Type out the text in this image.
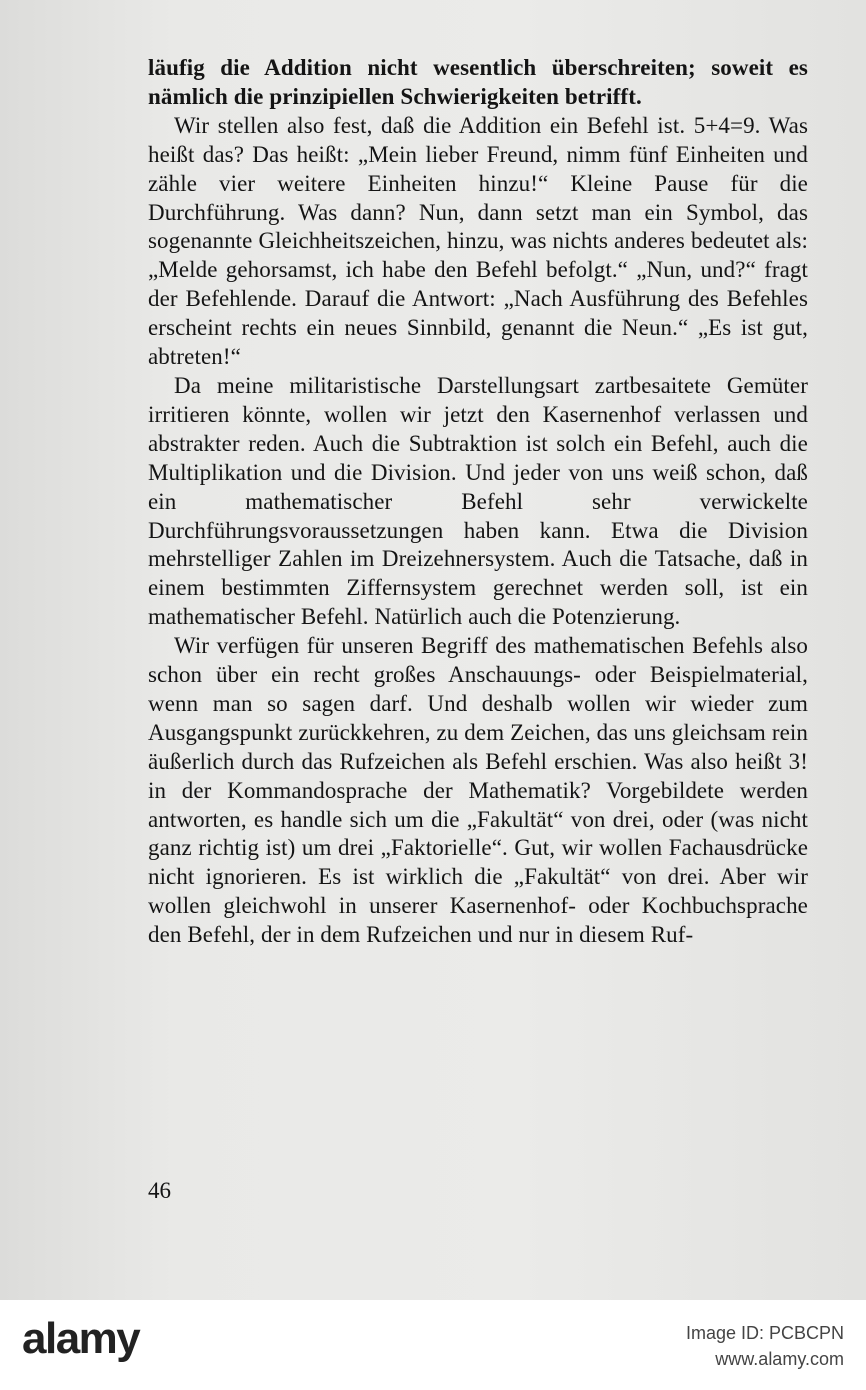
läufig die Addition nicht wesentlich überschreiten; soweit es nämlich die prinzipiellen Schwierigkeiten betrifft.

Wir stellen also fest, daß die Addition ein Befehl ist. 5+4=9. Was heißt das? Das heißt: „Mein lieber Freund, nimm fünf Einheiten und zähle vier weitere Einheiten hinzu!“ Kleine Pause für die Durchführung. Was dann? Nun, dann setzt man ein Symbol, das sogenannte Gleichheitszeichen, hinzu, was nichts anderes bedeutet als: „Melde gehorsamst, ich habe den Befehl befolgt.“ „Nun, und?“ fragt der Befehlende. Darauf die Antwort: „Nach Ausführung des Befehles erscheint rechts ein neues Sinnbild, genannt die Neun.“ „Es ist gut, abtreten!“

Da meine militaristische Darstellungsart zartbesaitete Gemüter irritieren könnte, wollen wir jetzt den Kasernenhof verlassen und abstrakter reden. Auch die Subtraktion ist solch ein Befehl, auch die Multiplikation und die Division. Und jeder von uns weiß schon, daß ein mathematischer Befehl sehr verwickelte Durchführungsvoraussetzungen haben kann. Etwa die Division mehrstelliger Zahlen im Dreizehnersystem. Auch die Tatsache, daß in einem bestimmten Ziffernsystem gerechnet werden soll, ist ein mathematischer Befehl. Natürlich auch die Potenzierung.

Wir verfügen für unseren Begriff des mathematischen Befehls also schon über ein recht großes Anschauungs- oder Beispielmaterial, wenn man so sagen darf. Und deshalb wollen wir wieder zum Ausgangspunkt zurückkehren, zu dem Zeichen, das uns gleichsam rein äußerlich durch das Rufzeichen als Befehl erschien. Was also heißt 3! in der Kommandosprache der Mathematik? Vorgebildete werden antworten, es handle sich um die „Fakultät“ von drei, oder (was nicht ganz richtig ist) um drei „Faktorielle“. Gut, wir wollen Fachausdrücke nicht ignorieren. Es ist wirklich die „Fakultät“ von drei. Aber wir wollen gleichwohl in unserer Kasernenhof- oder Kochbuchsprache den Befehl, der in dem Rufzeichen und nur in diesem Ruf-

46
alamy	Image ID: PCBCPN
www.alamy.com
